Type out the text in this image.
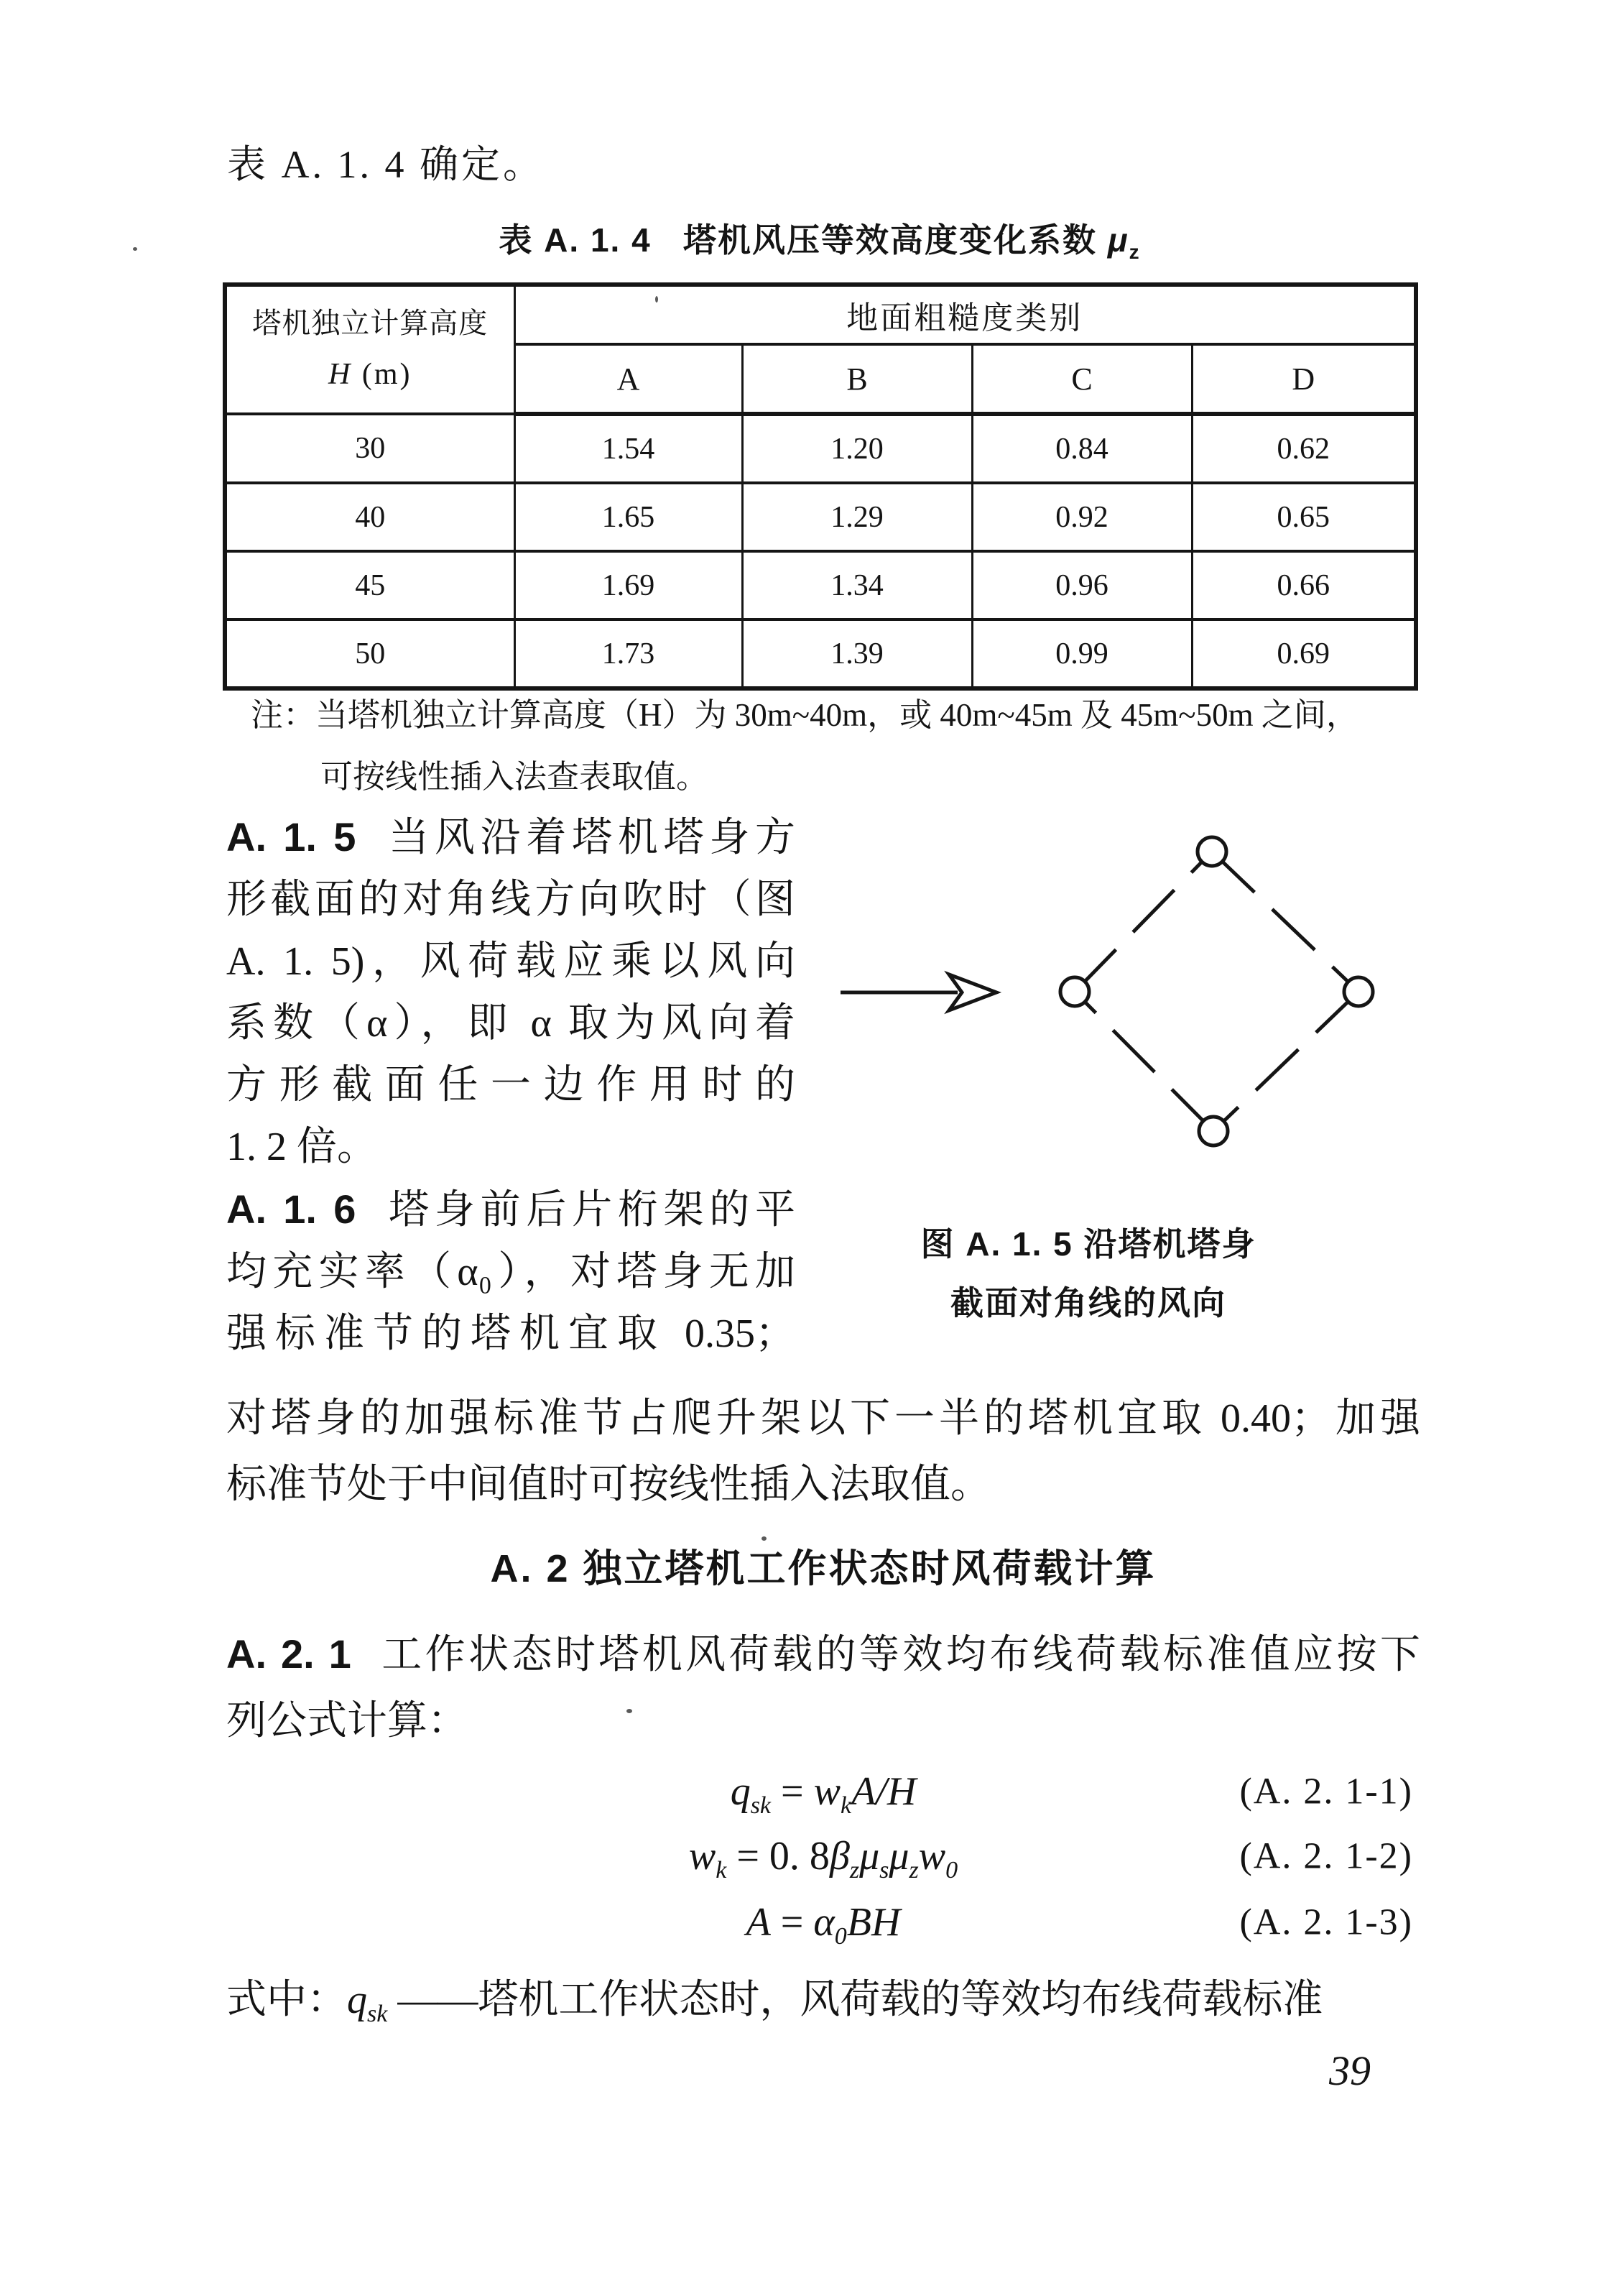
表 A. 1. 4 确定。
表 A. 1. 4 塔机风压等效高度变化系数 $\mu_z$
塔机独立计算高度
H (m)	地面粗糙度类别			
	A	B	C	D
30	1.54	1.20	0.84	0.62
40	1.65	1.29	0.92	0.65
45	1.69	1.34	0.96	0.66
50	1.73	1.39	0.99	0.69
注：当塔机独立计算高度（H）为 30m~40m，或 40m~45m 及 45m~50m 之间，
可按线性插入法查表取值。
A. 1. 5 当风沿着塔机塔身方
形截面的对角线方向吹时（图
A. 1. 5)，风荷载应乘以风向
系数（α），即 α 取为风向着
方形截面任一边作用时的
1. 2 倍。
图 A. 1. 5 沿塔机塔身
截面对角线的风向
A. 1. 6 塔身前后片桁架的平
均充实率（α₀），对塔身无加
强标准节的塔机宜取 0.35；
对塔身的加强标准节占爬升架以下一半的塔机宜取 0.40；加强
标准节处于中间值时可按线性插入法取值。
A. 2 独立塔机工作状态时风荷载计算
A. 2. 1 工作状态时塔机风荷载的等效均布线荷载标准值应按下
列公式计算：
$q_{sk} = w_kA/H$	(A. 2. 1-1)
$w_k = 0$. $8\beta_z\mu_s\mu_zw_0$	(A. 2. 1-2)
$A = \alpha_0BH$	(A. 2. 1-3)
式中：$q_{sk}$ ——塔机工作状态时，风荷载的等效均布线荷载标准
39
